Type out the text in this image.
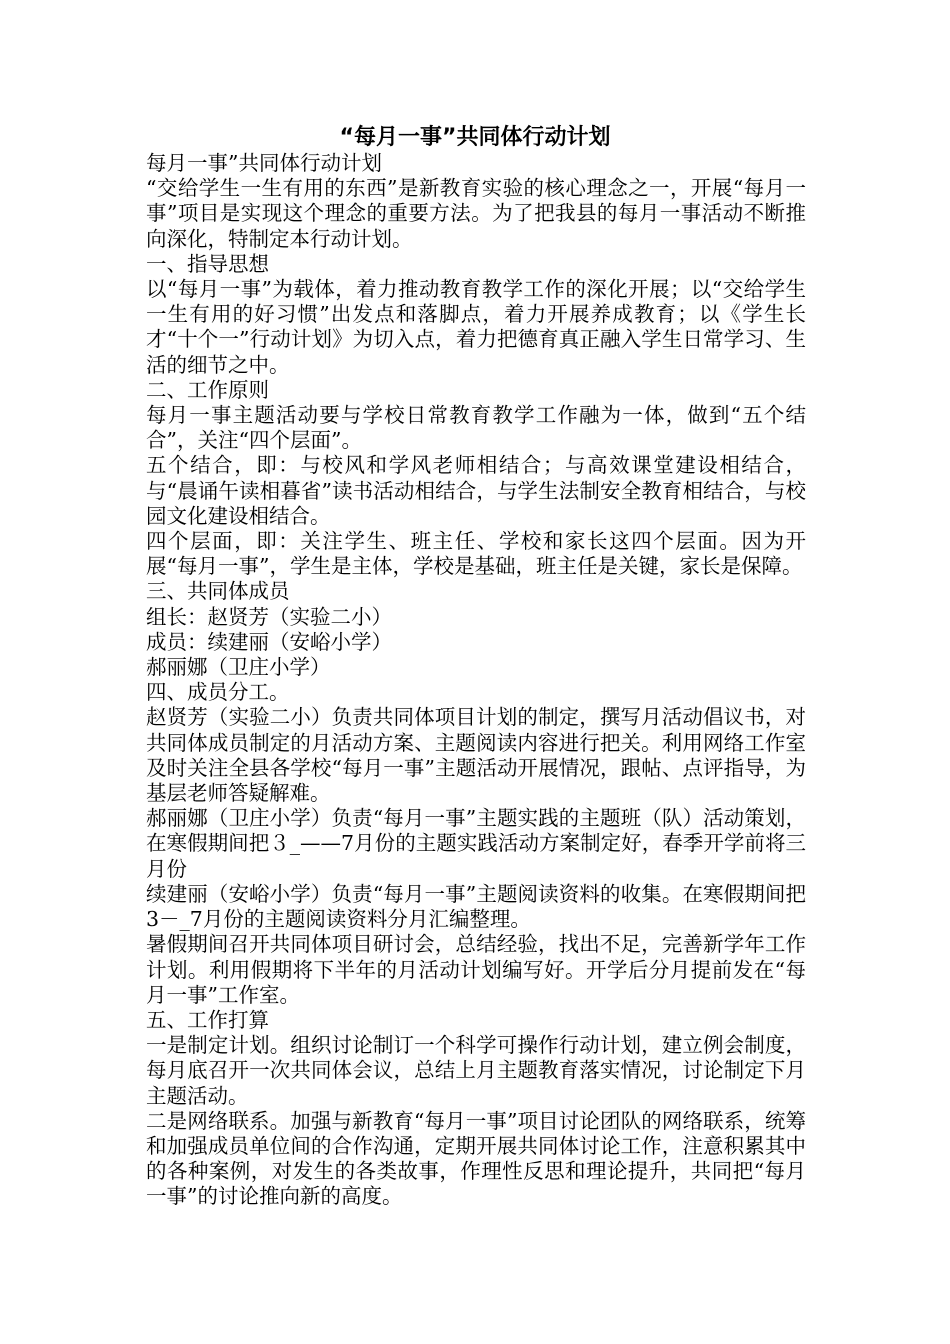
“每月一事”共同体行动计划

每月一事”共同体行动计划

“交给学生一生有用的东西”是新教育实验的核心理念之一，开展“每月一事”项目是实现这个理念的重要方法。为了把我县的每月一事活动不断推向深化，特制定本行动计划。

一、指导思想

以“每月一事”为载体，着力推动教育教学工作的深化开展；以“交给学生一生有用的好习惯”出发点和落脚点，着力开展养成教育；以《学生长才“十个一”行动计划》为切入点，着力把德育真正融入学生日常学习、生活的细节之中。

二、工作原则

每月一事主题活动要与学校日常教育教学工作融为一体，做到“五个结合”，关注“四个层面”。

五个结合，即：与校风和学风老师相结合；与高效课堂建设相结合，与“晨诵午读相暮省”读书活动相结合，与学生法制安全教育相结合，与校园文化建设相结合。

四个层面，即：关注学生、班主任、学校和家长这四个层面。因为开展“每月一事”，学生是主体，学校是基础，班主任是关键，家长是保障。

三、共同体成员

组长：赵贤芳（实验二小）

成员：续建丽（安峪小学）

郝丽娜（卫庄小学）

四、成员分工。

赵贤芳（实验二小）负责共同体项目计划的制定，撰写月活动倡议书，对共同体成员制定的月活动方案、主题阅读内容进行把关。利用网络工作室及时关注全县各学校“每月一事”主题活动开展情况，跟帖、点评指导，为基层老师答疑解难。

郝丽娜（卫庄小学）负责“每月一事”主题实践的主题班（队）活动策划，在寒假期间把３_——7月份的主题实践活动方案制定好，春季开学前将三月份

续建丽（安峪小学）负责“每月一事”主题阅读资料的收集。在寒假期间把3－_7月份的主题阅读资料分月汇编整理。

暑假期间召开共同体项目研讨会，总结经验，找出不足，完善新学年工作计划。利用假期将下半年的月活动计划编写好。开学后分月提前发在“每月一事”工作室。

五、工作打算

一是制定计划。组织讨论制订一个科学可操作行动计划，建立例会制度，每月底召开一次共同体会议，总结上月主题教育落实情况，讨论制定下月主题活动。

二是网络联系。加强与新教育“每月一事”项目讨论团队的网络联系，统筹和加强成员单位间的合作沟通，定期开展共同体讨论工作，注意积累其中的各种案例，对发生的各类故事，作理性反思和理论提升，共同把“每月一事”的讨论推向新的高度。
